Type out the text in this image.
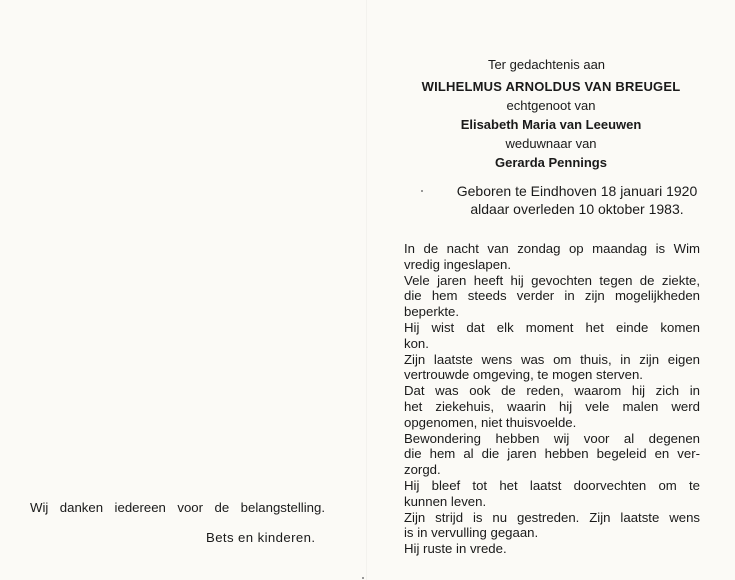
Wij danken iedereen voor de belangstelling.
Bets en kinderen.
Ter gedachtenis aan
WILHELMUS ARNOLDUS VAN BREUGEL
echtgenoot van
Elisabeth Maria van Leeuwen
weduwnaar van
Gerarda Pennings
Geboren te Eindhoven 18 januari 1920
aldaar overleden 10 oktober 1983.
In de nacht van zondag op maandag is Wim
vredig ingeslapen.
Vele jaren heeft hij gevochten tegen de ziekte,
die hem steeds verder in zijn mogelijkheden
beperkte.
Hij wist dat elk moment het einde komen
kon.
Zijn laatste wens was om thuis, in zijn eigen
vertrouwde omgeving, te mogen sterven.
Dat was ook de reden, waarom hij zich in
het ziekehuis, waarin hij vele malen werd
opgenomen, niet thuisvoelde.
Bewondering hebben wij voor al degenen
die hem al die jaren hebben begeleid en ver-
zorgd.
Hij bleef tot het laatst doorvechten om te
kunnen leven.
Zijn strijd is nu gestreden. Zijn laatste wens
is in vervulling gegaan.
Hij ruste in vrede.
